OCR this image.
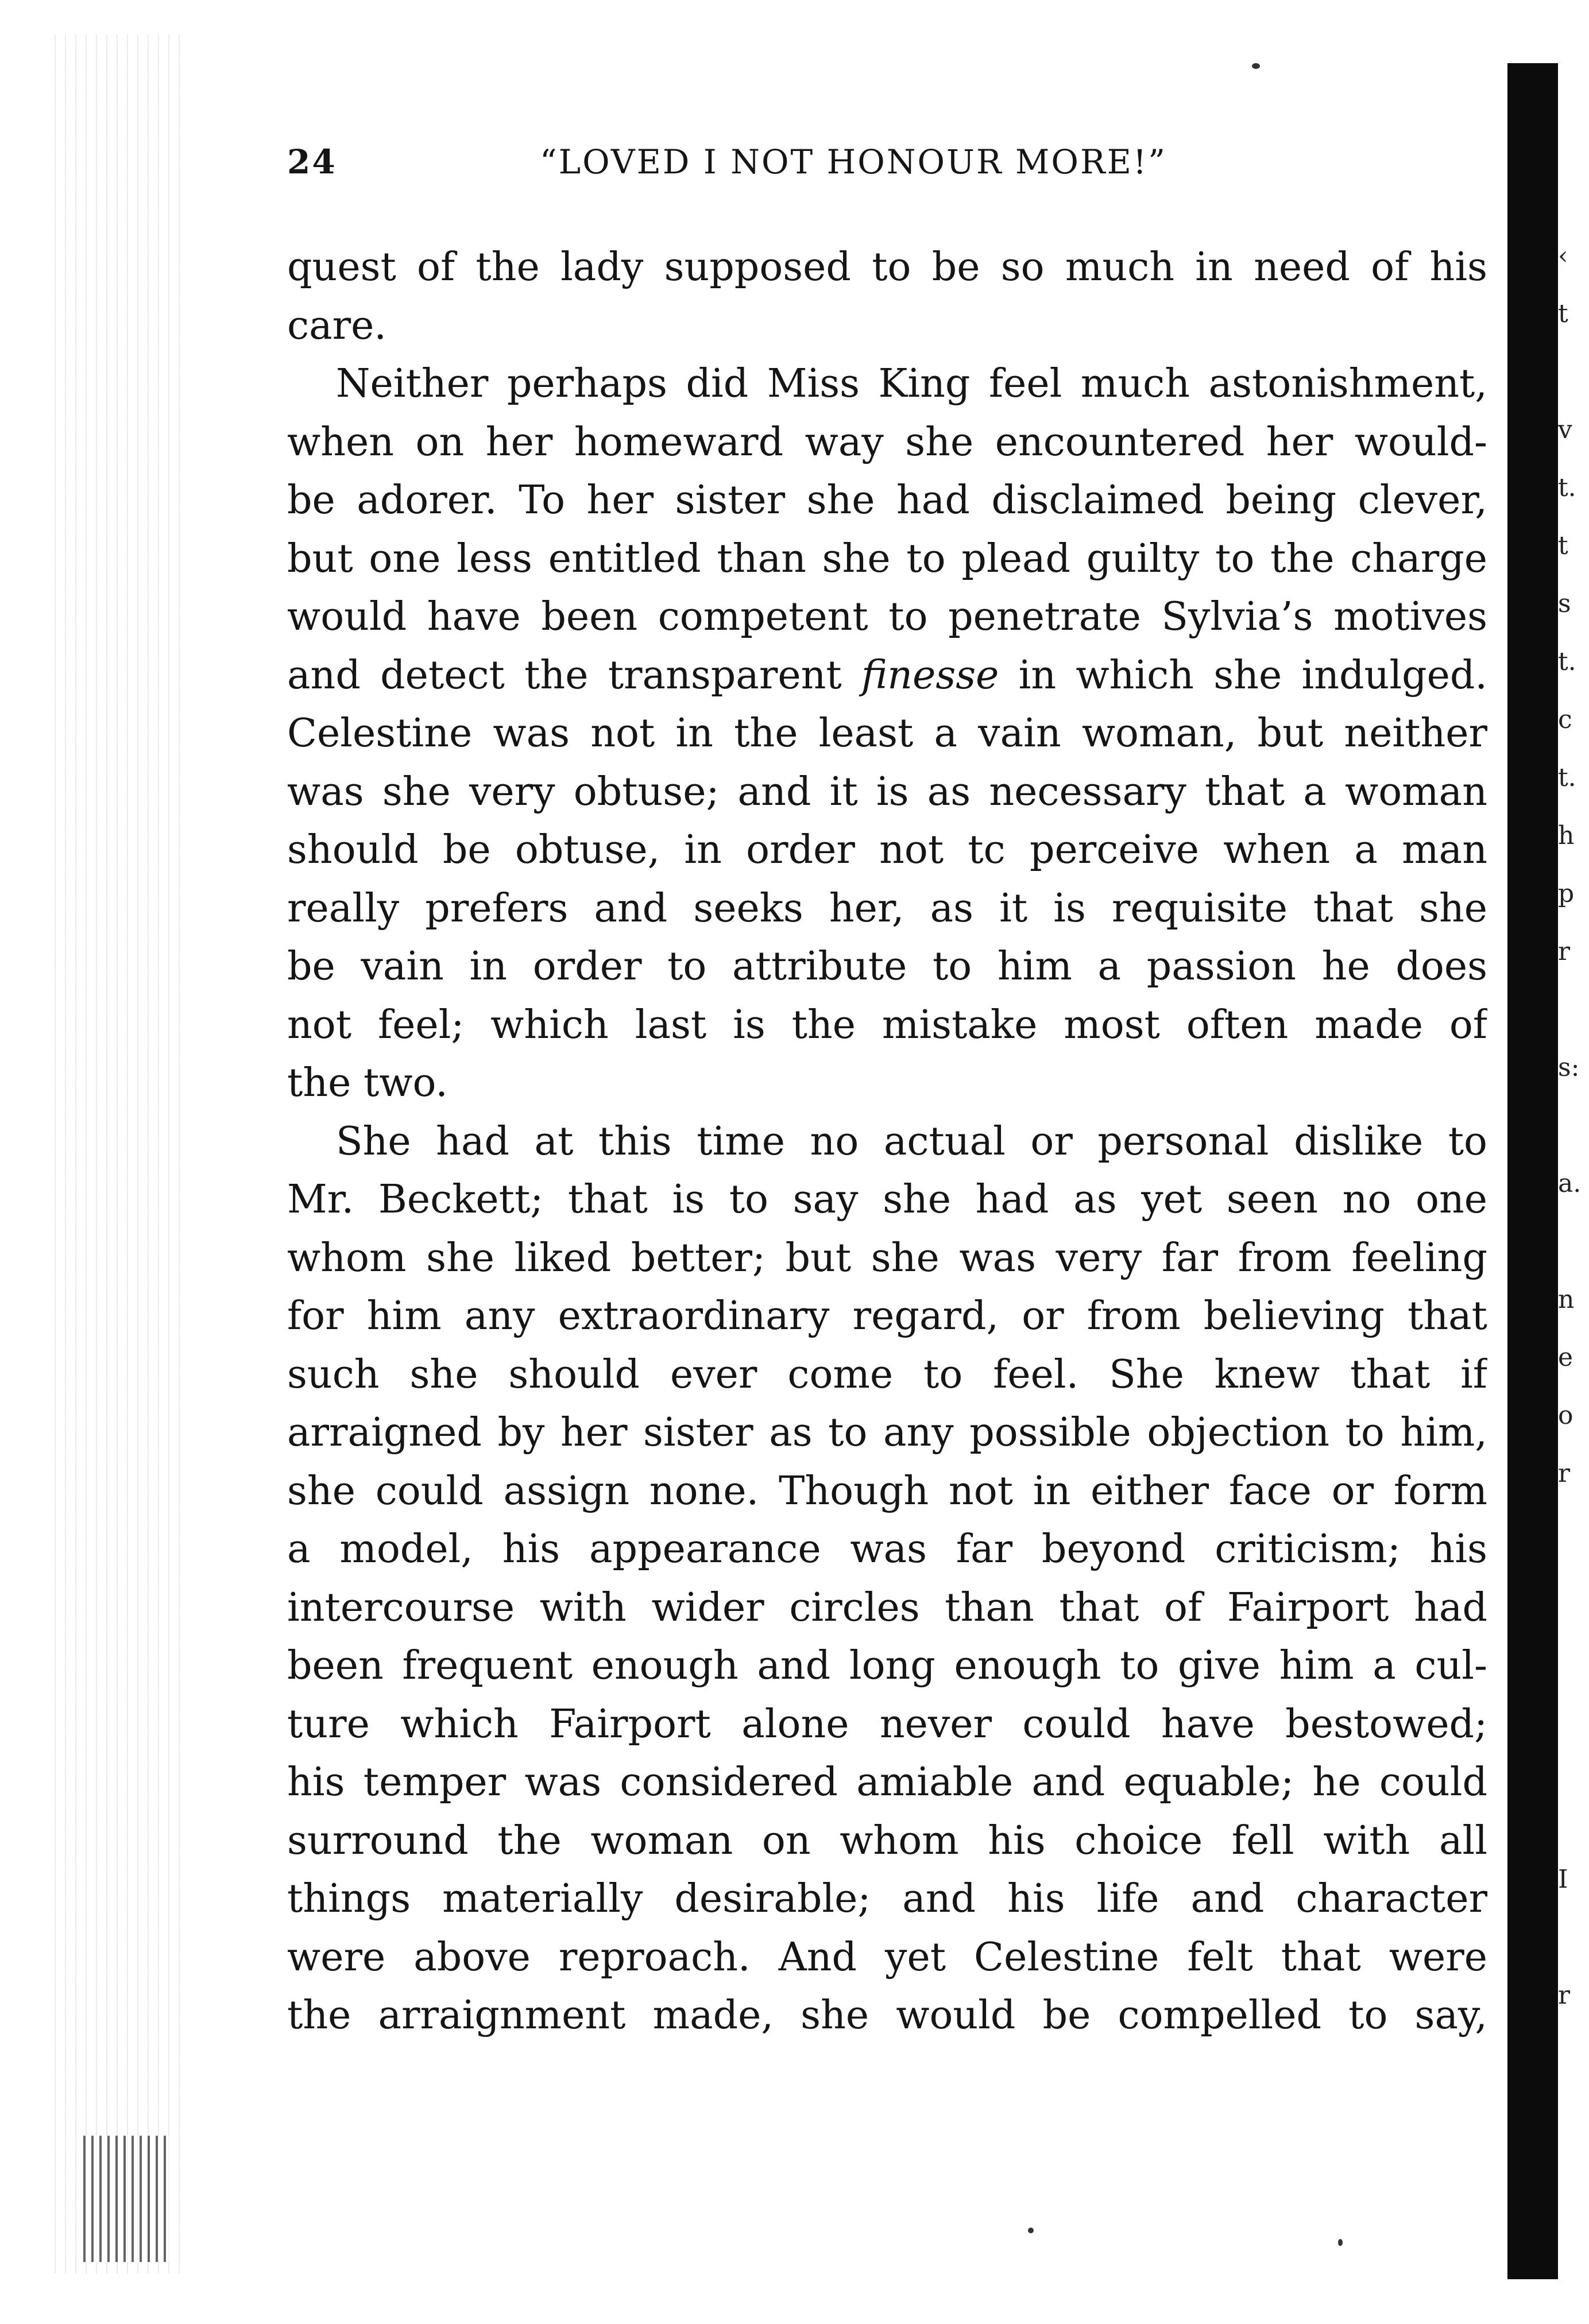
24	“LOVED I NOT HONOUR MORE!”
quest of the lady supposed to be so much in need of his
care.
Neither perhaps did Miss King feel much astonishment,
when on her homeward way she encountered her would-
be adorer. To her sister she had disclaimed being clever,
but one less entitled than she to plead guilty to the charge
would have been competent to penetrate Sylvia’s motives
and detect the transparent finesse in which she indulged.
Celestine was not in the least a vain woman, but neither
was she very obtuse; and it is as necessary that a woman
should be obtuse, in order not tc perceive when a man
really prefers and seeks her, as it is requisite that she
be vain in order to attribute to him a passion he does
not feel; which last is the mistake most often made of
the two.
She had at this time no actual or personal dislike to
Mr. Beckett; that is to say she had as yet seen no one
whom she liked better; but she was very far from feeling
for him any extraordinary regard, or from believing that
such she should ever come to feel. She knew that if
arraigned by her sister as to any possible objection to him,
she could assign none. Though not in either face or form
a model, his appearance was far beyond criticism; his
intercourse with wider circles than that of Fairport had
been frequent enough and long enough to give him a cul-
ture which Fairport alone never could have bestowed;
his temper was considered amiable and equable; he could
surround the woman on whom his choice fell with all
things materially desirable; and his life and character
were above reproach. And yet Celestine felt that were
the arraignment made, she would be compelled to say,
‹
t
v
t.
t
s
t.
c
t.
h
p
r
s:
a.
n
e
o
r
I
r
